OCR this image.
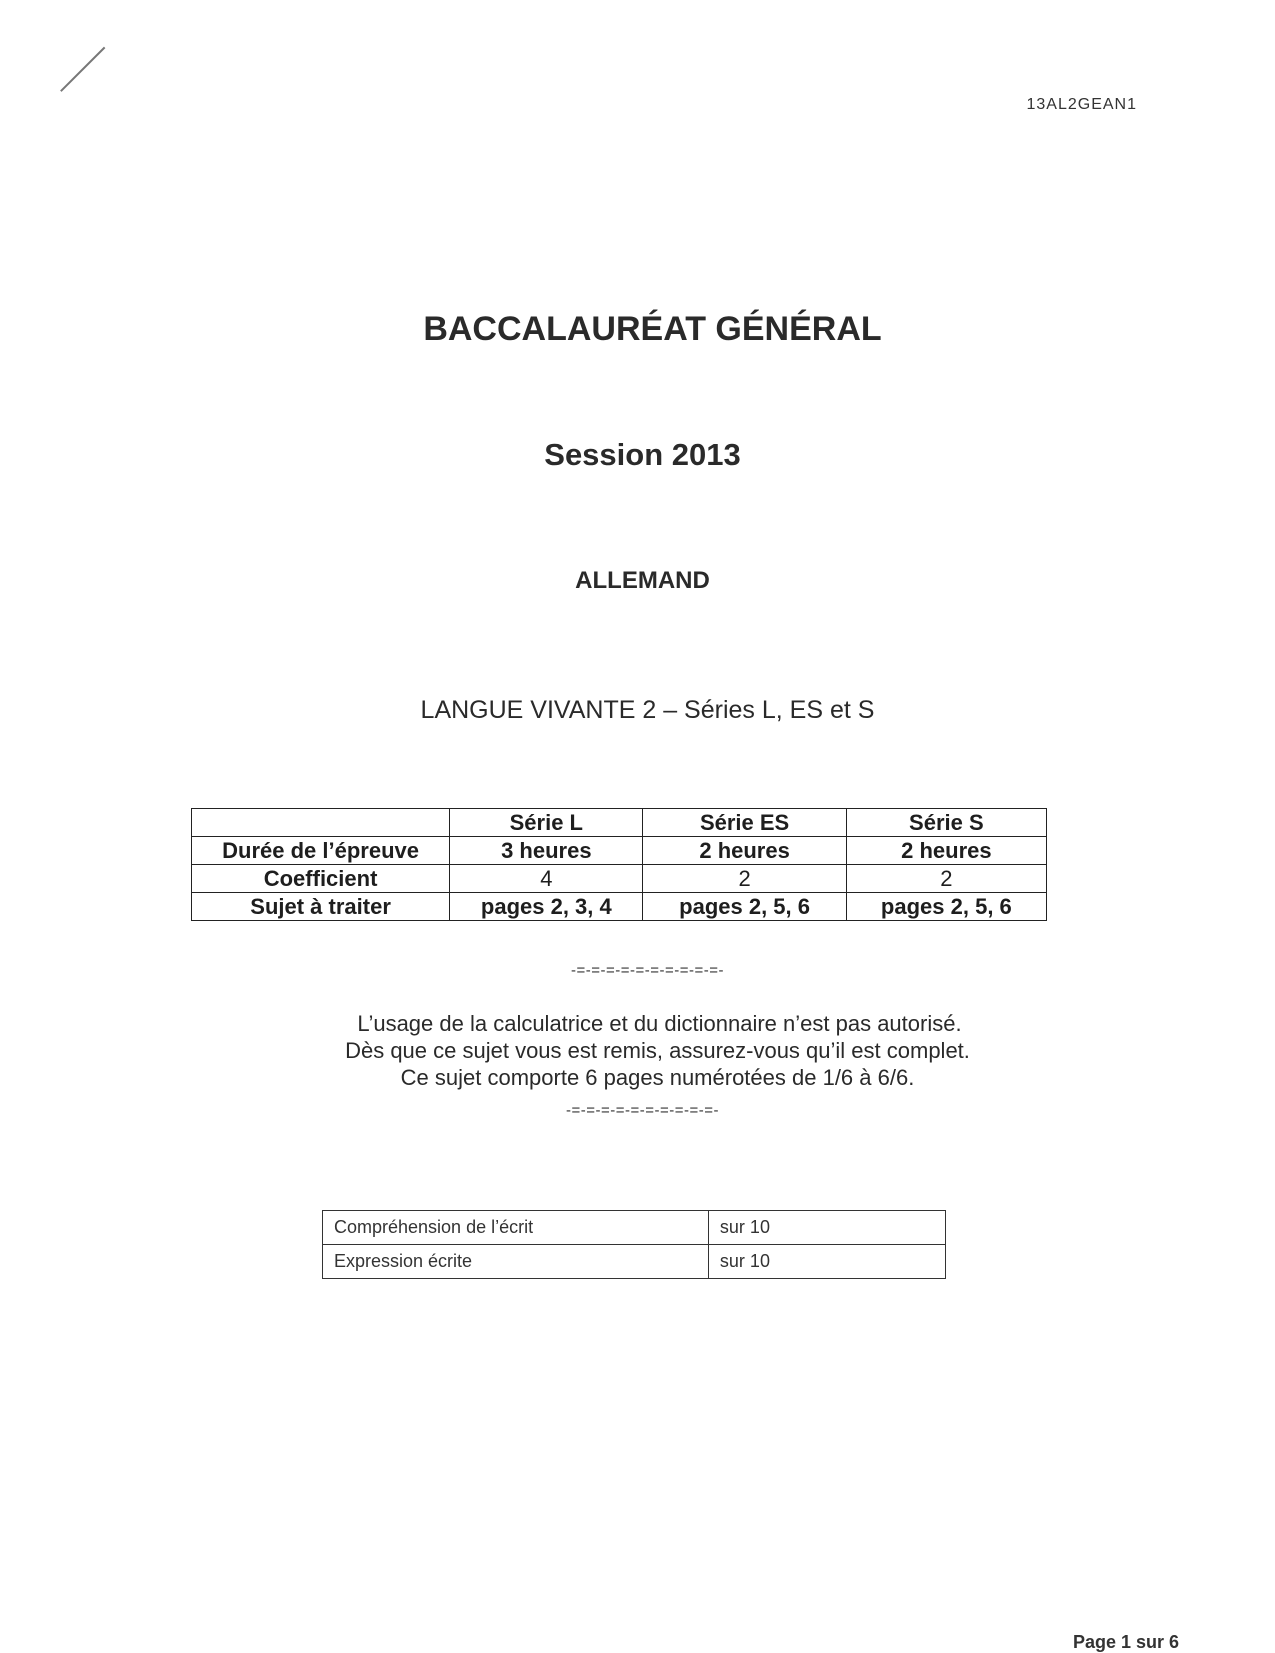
13AL2GEAN1
BACCALAURÉAT GÉNÉRAL
Session 2013
ALLEMAND
LANGUE VIVANTE 2 – Séries L, ES et S
	Série L	Série ES	Série S
Durée de l’épreuve	3 heures	2 heures	2 heures
Coefficient	4	2	2
Sujet à traiter	pages 2, 3, 4	pages 2, 5, 6	pages 2, 5, 6
-=-=-=-=-=-=-=-=-=-=-
L’usage de la calculatrice et du dictionnaire n’est pas autorisé.
Dès que ce sujet vous est remis, assurez-vous qu’il est complet.
Ce sujet comporte 6 pages numérotées de 1/6 à 6/6.
-=-=-=-=-=-=-=-=-=-=-
Compréhension de l’écrit	sur 10
Expression écrite	sur 10
Page 1 sur 6
